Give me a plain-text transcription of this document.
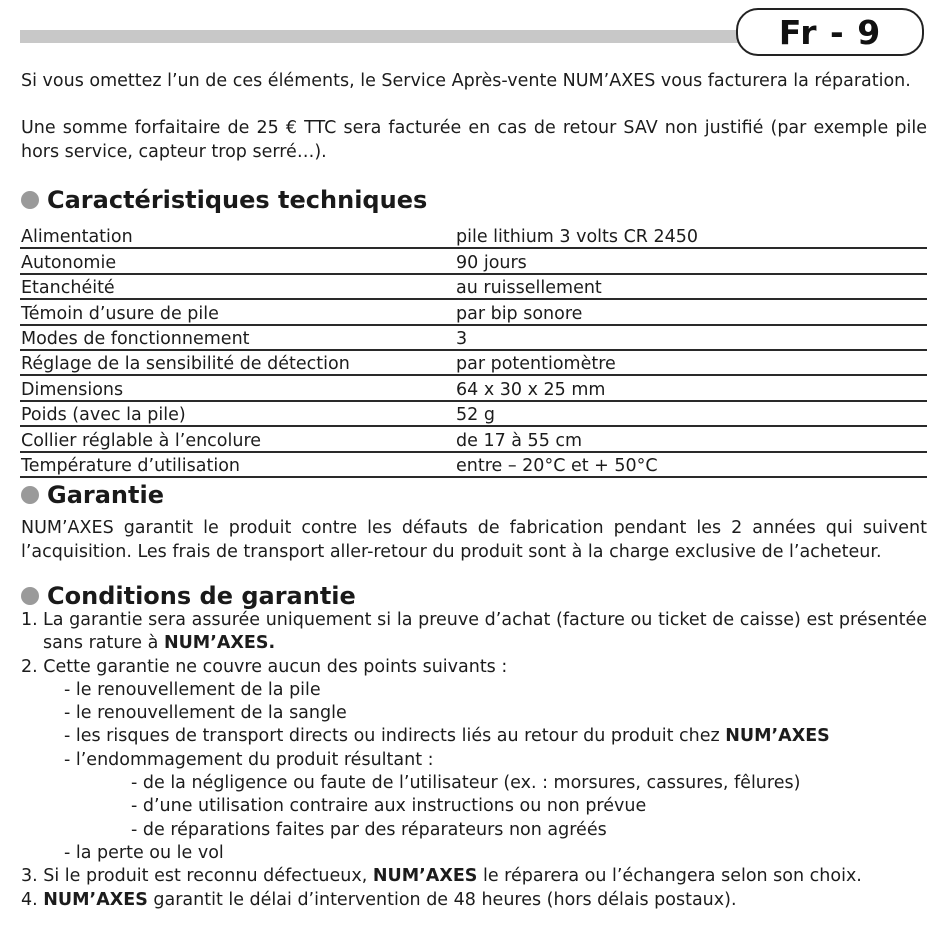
Fr - 9

Si vous omettez l’un de ces éléments, le Service Après-vente NUM’AXES vous facturera la réparation.

Une somme forfaitaire de 25 € TTC sera facturée en cas de retour SAV non justifié (par exemple pile hors service, capteur trop serré…).

Caractéristiques techniques
Alimentation	pile lithium 3 volts CR 2450
Autonomie	90 jours
Etanchéité	au ruissellement
Témoin d’usure de pile	par bip sonore
Modes de fonctionnement	3
Réglage de la sensibilité de détection	par potentiomètre
Dimensions	64 x 30 x 25 mm
Poids (avec la pile)	52 g
Collier réglable à l’encolure	de 17 à 55 cm
Température d’utilisation	entre – 20°C et + 50°C
Garantie

NUM’AXES garantit le produit contre les défauts de fabrication pendant les 2 années qui suivent l’acquisition. Les frais de transport aller-retour du produit sont à la charge exclusive de l’acheteur.

Conditions de garantie
1. La garantie sera assurée uniquement si la preuve d’achat (facture ou ticket de caisse) est présentée sans rature à NUM’AXES.
2. Cette garantie ne couvre aucun des points suivants :
- le renouvellement de la pile
- le renouvellement de la sangle
- les risques de transport directs ou indirects liés au retour du produit chez NUM’AXES
- l’endommagement du produit résultant :
- de la négligence ou faute de l’utilisateur (ex. : morsures, cassures, fêlures)
- d’une utilisation contraire aux instructions ou non prévue
- de réparations faites par des réparateurs non agréés
- la perte ou le vol
3. Si le produit est reconnu défectueux, NUM’AXES le réparera ou l’échangera selon son choix.
4. NUM’AXES garantit le délai d’intervention de 48 heures (hors délais postaux).
